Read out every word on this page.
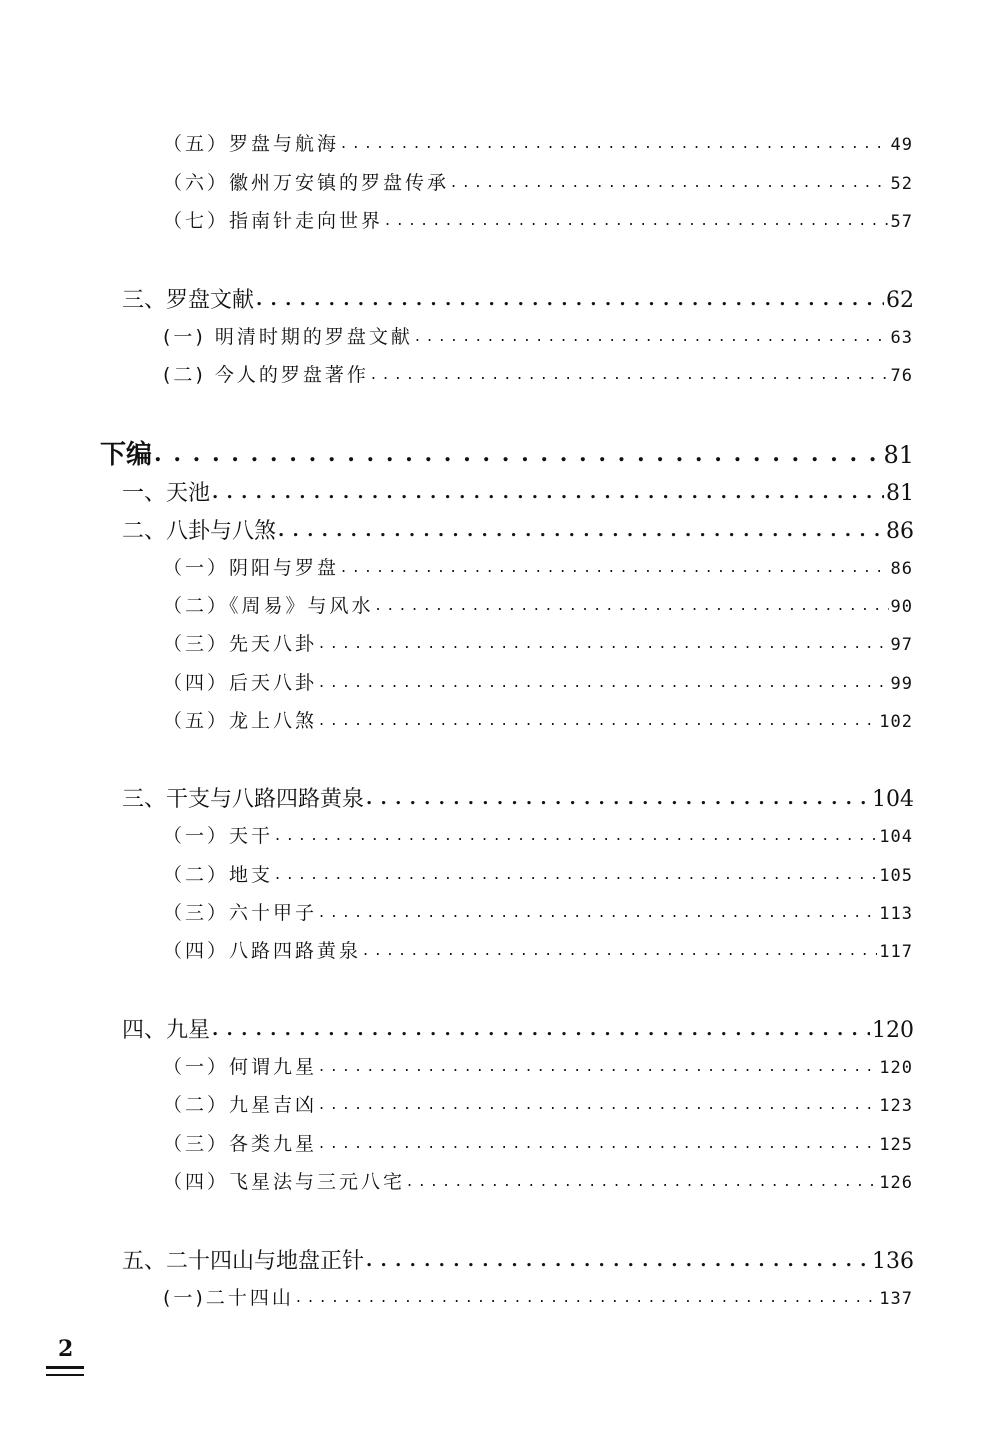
（五）罗盘与航海 . . .	49
（六）徽州万安镇的罗盘传承 . . .	52
（七）指南针走向世界 . . .	57
三、罗盘文献 . . .	62
(一) 明清时期的罗盘文献 . . .	63
(二) 今人的罗盘著作 . . .	76
下编 . . .	81
一、天池 . . .	81
二、八卦与八煞 . . .	86
（一）阴阳与罗盘 . . .	86
（二）《周易》与风水 . . .	90
（三）先天八卦 . . .	97
（四）后天八卦 . . .	99
（五）龙上八煞 . . .	102
三、干支与八路四路黄泉 . . .	104
（一）天干 . . .	104
（二）地支 . . .	105
（三）六十甲子 . . .	113
（四）八路四路黄泉 . . .	117
四、九星 . . .	120
（一）何谓九星 . . .	120
（二）九星吉凶 . . .	123
（三）各类九星 . . .	125
（四）飞星法与三元八宅 . . .	126
五、二十四山与地盘正针 . . .	136
(一)二十四山 . . .	137
2
